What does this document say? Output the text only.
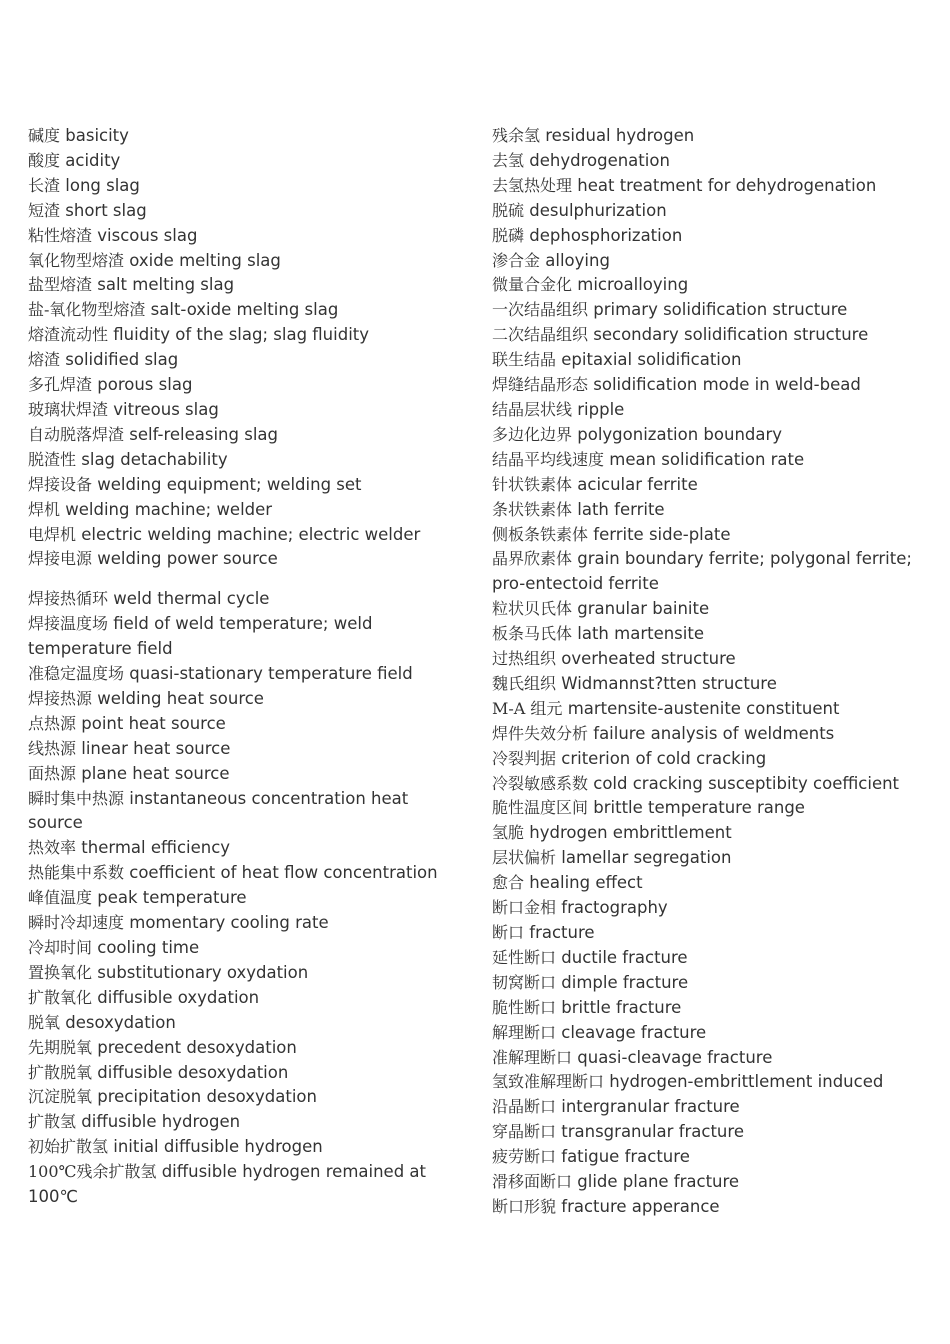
碱度 basicity

酸度 acidity

长渣 long slag

短渣 short slag

粘性熔渣 viscous slag

氧化物型熔渣 oxide melting slag

盐型熔渣 salt melting slag

盐-氧化物型熔渣 salt-oxide melting slag

熔渣流动性 fluidity of the slag; slag fluidity

熔渣 solidified slag

多孔焊渣 porous slag

玻璃状焊渣 vitreous slag

自动脱落焊渣 self-releasing slag

脱渣性 slag detachability

焊接设备 welding equipment; welding set

焊机 welding machine; welder

电焊机 electric welding machine; electric welder

焊接电源 welding power source

焊接热循环 weld thermal cycle

焊接温度场 field of weld temperature; weld temperature field

准稳定温度场 quasi-stationary temperature field

焊接热源 welding heat source

点热源 point heat source

线热源 linear heat source

面热源 plane heat source

瞬时集中热源 instantaneous concentration heat source

热效率 thermal efficiency

热能集中系数 coefficient of heat flow concentration

峰值温度 peak temperature

瞬时冷却速度 momentary cooling rate

冷却时间 cooling time

置换氧化 substitutionary oxydation

扩散氧化 diffusible oxydation

脱氧 desoxydation

先期脱氧 precedent desoxydation

扩散脱氧 diffusible desoxydation

沉淀脱氧 precipitation desoxydation

扩散氢 diffusible hydrogen

初始扩散氢 initial diffusible hydrogen

100℃残余扩散氢 diffusible hydrogen remained at 100℃

残余氢 residual hydrogen

去氢 dehydrogenation

去氢热处理 heat treatment for dehydrogenation

脱硫 desulphurization

脱磷 dephosphorization

渗合金 alloying

微量合金化 microalloying

一次结晶组织 primary solidification structure

二次结晶组织 secondary solidification structure

联生结晶 epitaxial solidification

焊缝结晶形态 solidification mode in weld-bead

结晶层状线 ripple

多边化边界 polygonization boundary

结晶平均线速度 mean solidification rate

针状铁素体 acicular ferrite

条状铁素体 lath ferrite

侧板条铁素体 ferrite side-plate

晶界欣素体 grain boundary ferrite; polygonal ferrite; pro-entectoid ferrite

粒状贝氏体 granular bainite

板条马氏体 lath martensite

过热组织 overheated structure

魏氏组织 Widmannst?tten structure

M-A 组元 martensite-austenite constituent

焊件失效分析 failure analysis of weldments

冷裂判据 criterion of cold cracking

冷裂敏感系数 cold cracking susceptibity coefficient

脆性温度区间 brittle temperature range

氢脆 hydrogen embrittlement

层状偏析 lamellar segregation

愈合 healing effect

断口金相 fractography

断口 fracture

延性断口 ductile fracture

韧窝断口 dimple fracture

脆性断口 brittle fracture

解理断口 cleavage fracture

准解理断口 quasi-cleavage fracture

氢致准解理断口 hydrogen-embrittlement induced

沿晶断口 intergranular fracture

穿晶断口 transgranular fracture

疲劳断口 fatigue fracture

滑移面断口 glide plane fracture

断口形貌 fracture apperance
